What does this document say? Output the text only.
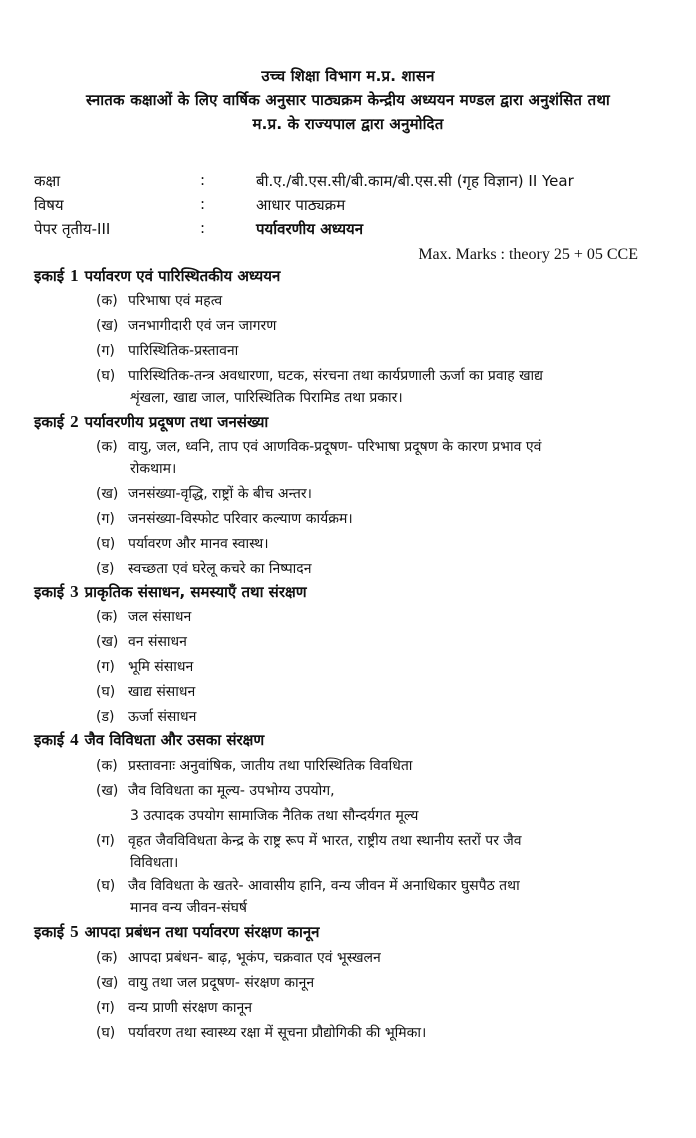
उच्च शिक्षा विभाग म.प्र. शासन
स्नातक कक्षाओं के लिए वार्षिक अनुसार पाठ्यक्रम केन्द्रीय अध्ययन मण्डल द्वारा अनुशंसित तथा
म.प्र. के राज्यपाल द्वारा अनुमोदित
कक्षा	:	बी.ए./बी.एस.सी/बी.काम/बी.एस.सी (गृह विज्ञान) II Year
विषय	:	आधार पाठ्यक्रम
पेपर तृतीय-III	:	पर्यावरणीय अध्ययन
Max. Marks : theory 25 + 05 CCE
इकाई 1 पर्यावरण एवं पारिस्थितकीय अध्ययन
(क) परिभाषा एवं महत्व
(ख) जनभागीदारी एवं जन जागरण
(ग) पारिस्थितिक-प्रस्तावना
(घ) पारिस्थितिक-तन्त्र अवधारणा, घटक, संरचना तथा कार्यप्रणाली ऊर्जा का प्रवाह खाद्य
शृंखला, खाद्य जाल, पारिस्थितिक पिरामिड तथा प्रकार।
इकाई 2 पर्यावरणीय प्रदूषण तथा जनसंख्या
(क) वायु, जल, ध्वनि, ताप एवं आणविक-प्रदूषण- परिभाषा प्रदूषण के कारण प्रभाव एवं
रोकथाम।
(ख) जनसंख्या-वृद्धि, राष्ट्रों के बीच अन्तर।
(ग) जनसंख्या-विस्फोट परिवार कल्याण कार्यक्रम।
(घ) पर्यावरण और मानव स्वास्थ।
(ड) स्वच्छता एवं घरेलू कचरे का निष्पादन
इकाई 3 प्राकृतिक संसाधन, समस्याएँ तथा संरक्षण
(क) जल संसाधन
(ख) वन संसाधन
(ग) भूमि संसाधन
(घ) खाद्य संसाधन
(ड) ऊर्जा संसाधन
इकाई 4 जैव विविधता और उसका संरक्षण
(क) प्रस्तावनाः अनुवांषिक, जातीय तथा पारिस्थितिक विवधिता
(ख) जैव विविधता का मूल्य- उपभोग्य उपयोग,
3 उत्पादक उपयोग सामाजिक नैतिक तथा सौन्दर्यगत मूल्य
(ग) वृहत जैवविविधता केन्द्र के राष्ट्र रूप में भारत, राष्ट्रीय तथा स्थानीय स्तरों पर जैव
विविधता।
(घ) जैव विविधता के खतरे- आवासीय हानि, वन्य जीवन में अनाधिकार घुसपैठ तथा
मानव वन्य जीवन-संघर्ष
इकाई 5 आपदा प्रबंधन तथा पर्यावरण संरक्षण कानून
(क) आपदा प्रबंधन- बाढ़, भूकंप, चक्रवात एवं भूस्खलन
(ख) वायु तथा जल प्रदूषण- संरक्षण कानून
(ग) वन्य प्राणी संरक्षण कानून
(घ) पर्यावरण तथा स्वास्थ्य रक्षा में सूचना प्रौद्योगिकी की भूमिका।
